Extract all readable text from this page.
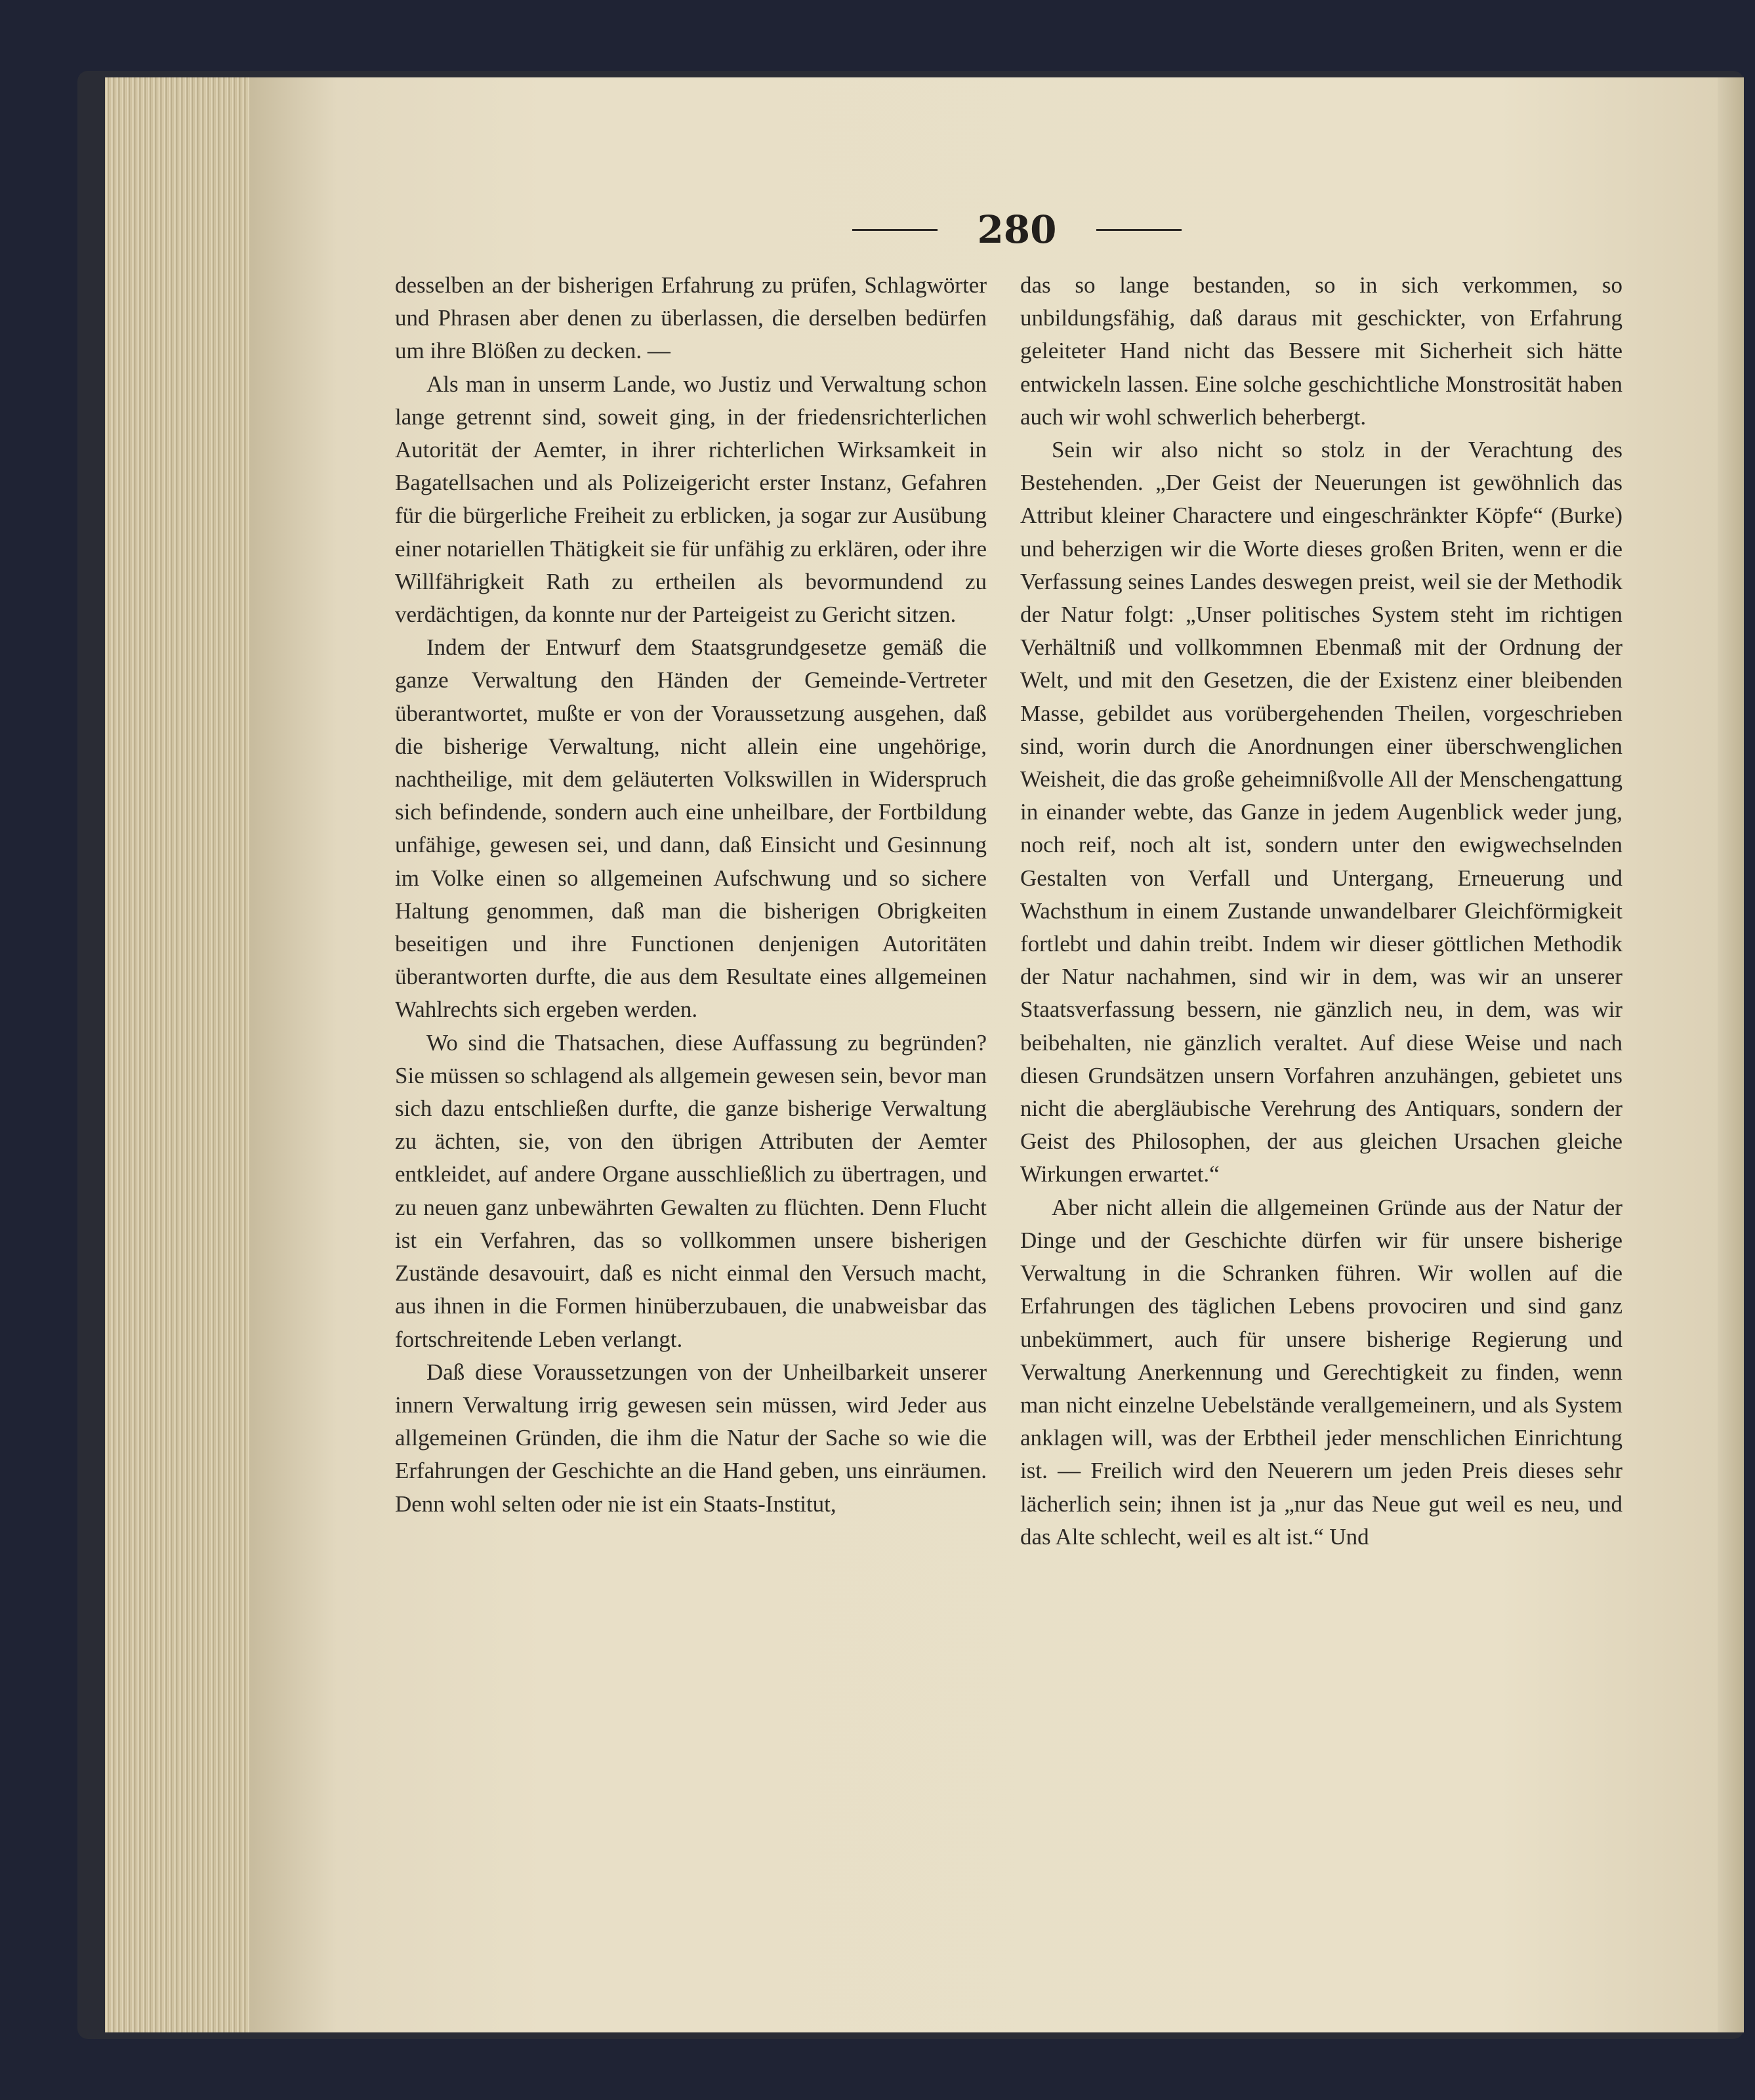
280

desselben an der bisherigen Erfahrung zu prüfen, Schlagwörter und Phrasen aber denen zu überlassen, die derselben bedürfen um ihre Blößen zu decken. —

Als man in unserm Lande, wo Justiz und Verwaltung schon lange getrennt sind, soweit ging, in der friedensrichterlichen Autorität der Aemter, in ihrer richterlichen Wirksamkeit in Bagatellsachen und als Polizeigericht erster Instanz, Gefahren für die bürgerliche Freiheit zu erblicken, ja sogar zur Ausübung einer notariellen Thätigkeit sie für unfähig zu erklären, oder ihre Willfährigkeit Rath zu ertheilen als bevormundend zu verdächtigen, da konnte nur der Parteigeist zu Gericht sitzen.

Indem der Entwurf dem Staatsgrundgesetze gemäß die ganze Verwaltung den Händen der Gemeinde-Vertreter überantwortet, mußte er von der Voraussetzung ausgehen, daß die bisherige Verwaltung, nicht allein eine ungehörige, nachtheilige, mit dem geläuterten Volkswillen in Widerspruch sich befindende, sondern auch eine unheilbare, der Fortbildung unfähige, gewesen sei, und dann, daß Einsicht und Gesinnung im Volke einen so allgemeinen Aufschwung und so sichere Haltung genommen, daß man die bisherigen Obrigkeiten beseitigen und ihre Functionen denjenigen Autoritäten überantworten durfte, die aus dem Resultate eines allgemeinen Wahlrechts sich ergeben werden.

Wo sind die Thatsachen, diese Auffassung zu begründen? Sie müssen so schlagend als allgemein gewesen sein, bevor man sich dazu entschließen durfte, die ganze bisherige Verwaltung zu ächten, sie, von den übrigen Attributen der Aemter entkleidet, auf andere Organe ausschließlich zu übertragen, und zu neuen ganz unbewährten Gewalten zu flüchten. Denn Flucht ist ein Verfahren, das so vollkommen unsere bisherigen Zustände desavouirt, daß es nicht einmal den Versuch macht, aus ihnen in die Formen hinüberzubauen, die unabweisbar das fortschreitende Leben verlangt.

Daß diese Voraussetzungen von der Unheilbarkeit unserer innern Verwaltung irrig gewesen sein müssen, wird Jeder aus allgemeinen Gründen, die ihm die Natur der Sache so wie die Erfahrungen der Geschichte an die Hand geben, uns einräumen. Denn wohl selten oder nie ist ein Staats-Institut,

das so lange bestanden, so in sich verkommen, so unbildungsfähig, daß daraus mit geschickter, von Erfahrung geleiteter Hand nicht das Bessere mit Sicherheit sich hätte entwickeln lassen. Eine solche geschichtliche Monstrosität haben auch wir wohl schwerlich beherbergt.

Sein wir also nicht so stolz in der Verachtung des Bestehenden. „Der Geist der Neuerungen ist gewöhnlich das Attribut kleiner Charactere und eingeschränkter Köpfe“ (Burke) und beherzigen wir die Worte dieses großen Briten, wenn er die Verfassung seines Landes deswegen preist, weil sie der Methodik der Natur folgt: „Unser politisches System steht im richtigen Verhältniß und vollkommnen Ebenmaß mit der Ordnung der Welt, und mit den Gesetzen, die der Existenz einer bleibenden Masse, gebildet aus vorübergehenden Theilen, vorgeschrieben sind, worin durch die Anordnungen einer überschwenglichen Weisheit, die das große geheimnißvolle All der Menschengattung in einander webte, das Ganze in jedem Augenblick weder jung, noch reif, noch alt ist, sondern unter den ewigwechselnden Gestalten von Verfall und Untergang, Erneuerung und Wachsthum in einem Zustande unwandelbarer Gleichförmigkeit fortlebt und dahin treibt. Indem wir dieser göttlichen Methodik der Natur nachahmen, sind wir in dem, was wir an unserer Staatsverfassung bessern, nie gänzlich neu, in dem, was wir beibehalten, nie gänzlich veraltet. Auf diese Weise und nach diesen Grundsätzen unsern Vorfahren anzuhängen, gebietet uns nicht die abergläubische Verehrung des Antiquars, sondern der Geist des Philosophen, der aus gleichen Ursachen gleiche Wirkungen erwartet.“

Aber nicht allein die allgemeinen Gründe aus der Natur der Dinge und der Geschichte dürfen wir für unsere bisherige Verwaltung in die Schranken führen. Wir wollen auf die Erfahrungen des täglichen Lebens provociren und sind ganz unbekümmert, auch für unsere bisherige Regierung und Verwaltung Anerkennung und Gerechtigkeit zu finden, wenn man nicht einzelne Uebelstände verallgemeinern, und als System anklagen will, was der Erbtheil jeder menschlichen Einrichtung ist. — Freilich wird den Neuerern um jeden Preis dieses sehr lächerlich sein; ihnen ist ja „nur das Neue gut weil es neu, und das Alte schlecht, weil es alt ist.“ Und
